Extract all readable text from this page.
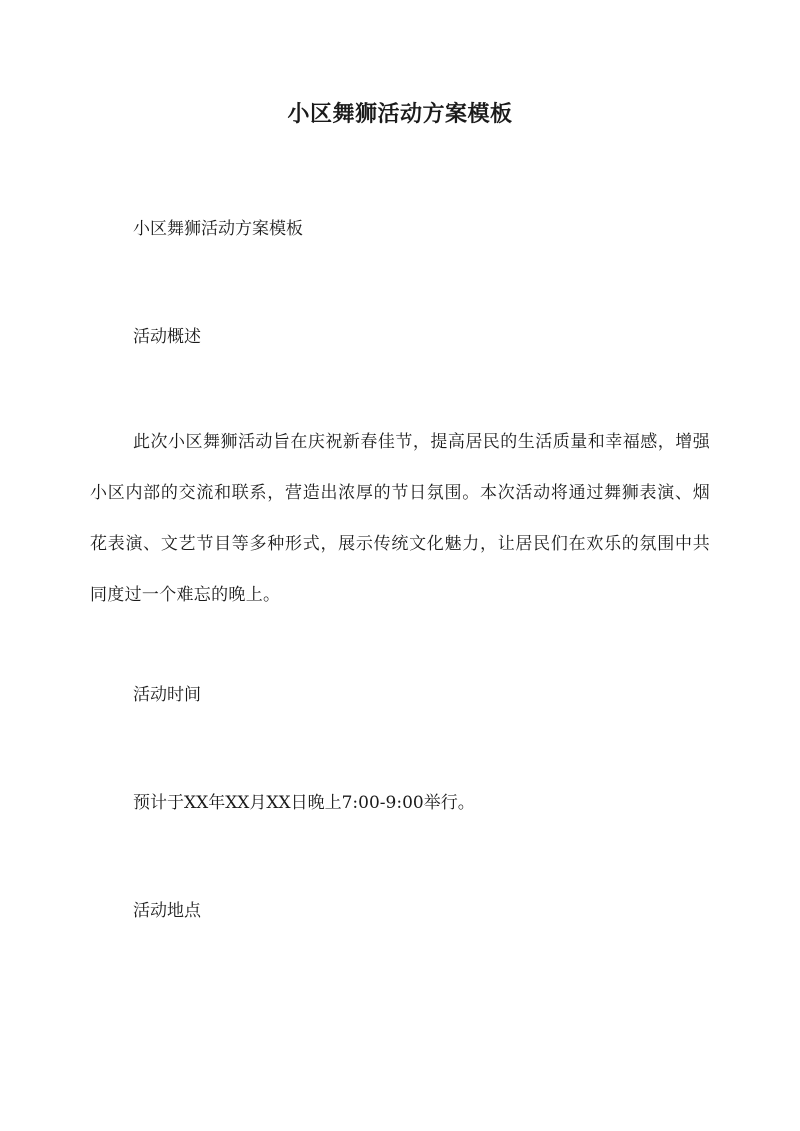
小区舞狮活动方案模板
小区舞狮活动方案模板
活动概述
此次小区舞狮活动旨在庆祝新春佳节，提高居民的生活质量和幸福感，增强小区内部的交流和联系，营造出浓厚的节日氛围。本次活动将通过舞狮表演、烟花表演、文艺节目等多种形式，展示传统文化魅力，让居民们在欢乐的氛围中共同度过一个难忘的晚上。
活动时间
预计于XX年XX月XX日晚上7:00-9:00举行。
活动地点
